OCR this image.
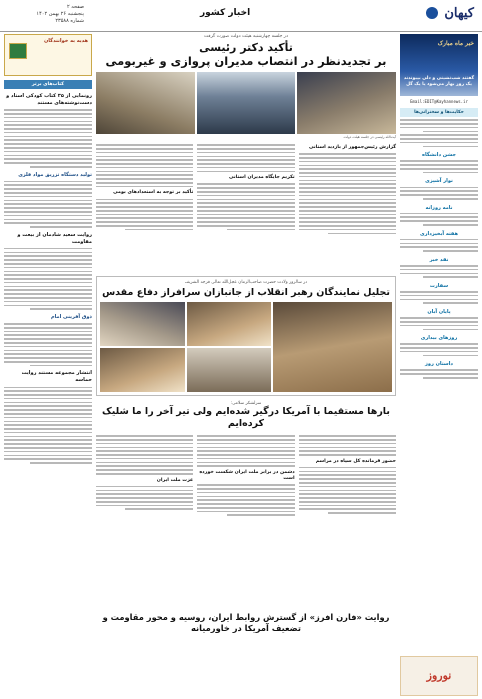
کیهان
اخبار کشور
صفحه ۲
پنجشنبه ۲۶ بهمن ۱۴۰۲
شماره ۲۳۵۸۸
خبر ماه مبارک
گفتند شب‌نشینی و دلی بپیوندند یک روز بهار می‌شود یا یک گل
Email:EDIT@Kayhannews.ir
حکایت‌ها و سخنرانی‌ها
جشن دانشگاه
نوار آشپزی
نامه روزانه
هفته آبخیزداری
نقد خبر
سفارت
پایان آبان
روزهای بیداری
داستان روز
نوروز
هدیه به خوانندگان
کتاب‌های برتر
رونمایی از ۳۵ کتاب کودکی استاد و دست‌نوشته‌های مستند
تولید دستگاه تزریق مواد فلزی
روایت سعید شادمان از بیعت و مقاومت
ذوق آفرینی امام
انتشار مجموعه مستند روایت حماسه
در جلسه چهارشنبه هیئت دولت صورت گرفت
تأکید دکتر رئیسی
بر تجدیدنظر در انتصاب مدیران پروازی و غیربومی
آیت‌الله رئیسی در جلسه هیئت دولت
گزارش رئیس‌جمهور از بازدید استانی
تکریم جایگاه مدیران استانی
تأکید بر توجه به استعدادهای بومی
در سالروز ولادت حضرت صاحب‌الزمان عجل‌الله تعالی فرجه الشریف
تجلیل نمایندگان رهبر انقلاب از جانبازان سرافراز دفاع مقدس
سرلشکر سلامی:
بارها مستقیما با آمریکا درگیر شده‌ایم ولی تیر آخر را ما شلیک کرده‌ایم
حضور فرمانده کل سپاه در مراسم
دشمن در برابر ملت ایران شکست خورده است
عزت ملت ایران
روایت «فارن افرز» از گسترش روابط ایران، روسیه و محور مقاومت و تضعیف آمریکا در خاورمیانه
